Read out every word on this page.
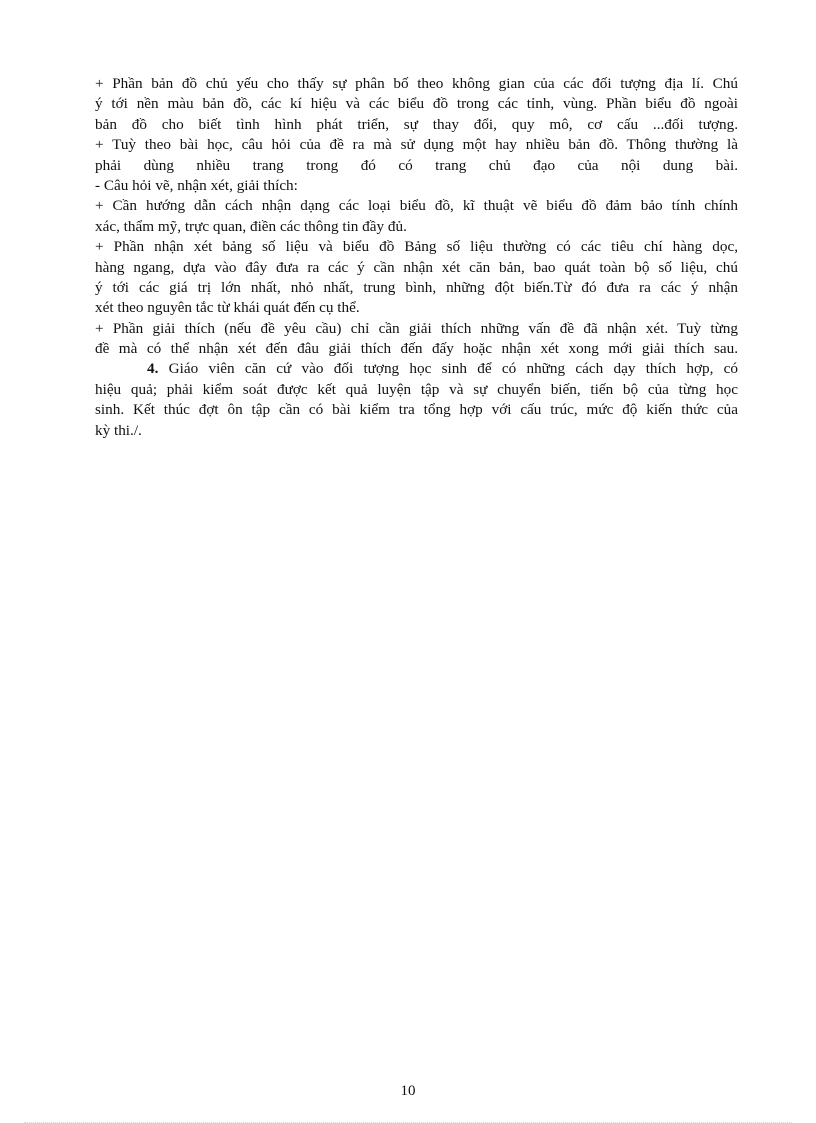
+ Phần bản đồ chủ yếu cho thấy sự phân bố theo không gian của các đối tượng địa lí. Chú
ý tới nền màu bản đồ, các kí hiệu và các biểu đồ trong các tỉnh, vùng. Phần biểu đồ ngoài
bản đồ cho biết tình hình phát triển, sự thay đổi, quy mô, cơ cấu ...đối tượng.
+ Tuỳ theo bài học, câu hỏi của đề ra mà sử dụng một hay nhiều bản đồ. Thông thường là
phải dùng nhiều trang trong đó có trang chủ đạo của nội dung bài.
- Câu hỏi vẽ, nhận xét, giải thích:
+ Cần hướng dẫn cách nhận dạng các loại biểu đồ, kĩ thuật vẽ biểu đồ đảm bảo tính chính
xác, thẩm mỹ, trực quan, điền các thông tin đầy đủ.
+ Phần nhận xét bảng số liệu và biểu đồ Bảng số liệu thường có các tiêu chí hàng dọc,
hàng ngang, dựa vào đây đưa ra các ý cần nhận xét căn bản, bao quát toàn bộ số liệu, chú
ý tới các giá trị lớn nhất, nhỏ nhất, trung bình, những đột biến.Từ đó đưa ra các ý nhận
xét theo nguyên tắc từ khái quát đến cụ thể.
+ Phần giải thích (nếu đề yêu cầu) chỉ cần giải thích những vấn đề đã nhận xét. Tuỳ từng
đề mà có thể nhận xét đến đâu giải thích đến đấy hoặc nhận xét xong mới giải thích sau.
4. Giáo viên căn cứ vào đối tượng học sinh để có những cách dạy thích hợp, có
hiệu quả; phải kiểm soát được kết quả luyện tập và sự chuyển biến, tiến bộ của từng học
sinh. Kết thúc đợt ôn tập cần có bài kiểm tra tổng hợp với cấu trúc, mức độ kiến thức của
kỳ thi./.
10
